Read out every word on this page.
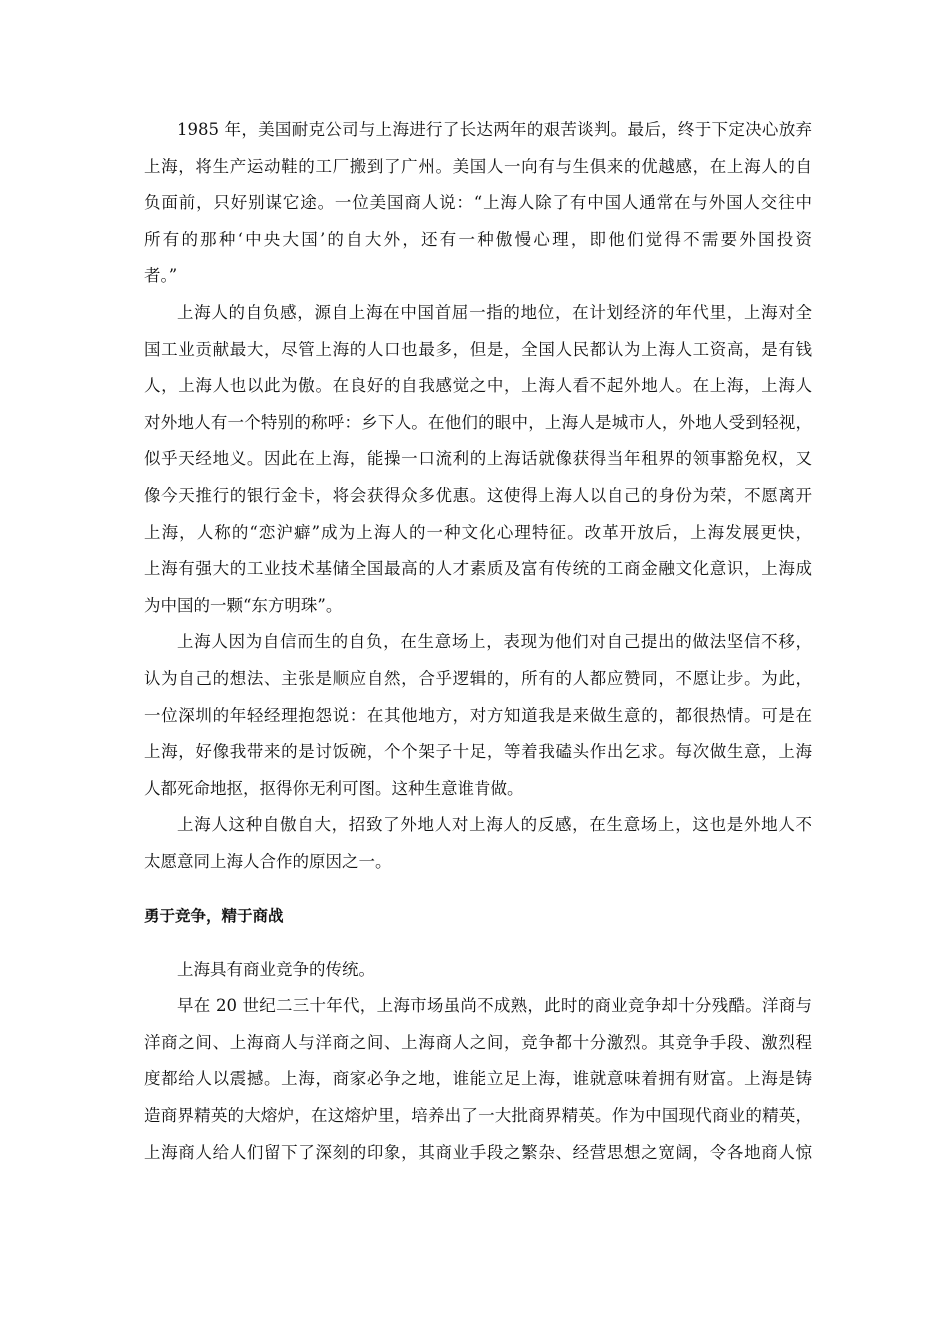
1985 年，美国耐克公司与上海进行了长达两年的艰苦谈判。最后，终于下定决心放弃
上海，将生产运动鞋的工厂搬到了广州。美国人一向有与生俱来的优越感，在上海人的自
负面前，只好别谋它途。一位美国商人说：“上海人除了有中国人通常在与外国人交往中
所有的那种‘中央大国’的自大外，还有一种傲慢心理，即他们觉得不需要外国投资
者。”
上海人的自负感，源自上海在中国首屈一指的地位，在计划经济的年代里，上海对全
国工业贡献最大，尽管上海的人口也最多，但是，全国人民都认为上海人工资高，是有钱
人，上海人也以此为傲。在良好的自我感觉之中，上海人看不起外地人。在上海，上海人
对外地人有一个特别的称呼：乡下人。在他们的眼中，上海人是城市人，外地人受到轻视，
似乎天经地义。因此在上海，能操一口流利的上海话就像获得当年租界的领事豁免权，又
像今天推行的银行金卡，将会获得众多优惠。这使得上海人以自己的身份为荣，不愿离开
上海，人称的“恋沪癖”成为上海人的一种文化心理特征。改革开放后，上海发展更快，
上海有强大的工业技术基储全国最高的人才素质及富有传统的工商金融文化意识，上海成
为中国的一颗“东方明珠”。
上海人因为自信而生的自负，在生意场上，表现为他们对自己提出的做法坚信不移，
认为自己的想法、主张是顺应自然，合乎逻辑的，所有的人都应赞同，不愿让步。为此，
一位深圳的年轻经理抱怨说：在其他地方，对方知道我是来做生意的，都很热情。可是在
上海，好像我带来的是讨饭碗，个个架子十足，等着我磕头作出乞求。每次做生意，上海
人都死命地抠，抠得你无利可图。这种生意谁肯做。
上海人这种自傲自大，招致了外地人对上海人的反感，在生意场上，这也是外地人不
太愿意同上海人合作的原因之一。
勇于竞争，精于商战
上海具有商业竞争的传统。
早在 20 世纪二三十年代，上海市场虽尚不成熟，此时的商业竞争却十分残酷。洋商与
洋商之间、上海商人与洋商之间、上海商人之间，竞争都十分激烈。其竞争手段、激烈程
度都给人以震撼。上海，商家必争之地，谁能立足上海，谁就意味着拥有财富。上海是铸
造商界精英的大熔炉，在这熔炉里，培养出了一大批商界精英。作为中国现代商业的精英，
上海商人给人们留下了深刻的印象，其商业手段之繁杂、经营思想之宽阔，令各地商人惊
